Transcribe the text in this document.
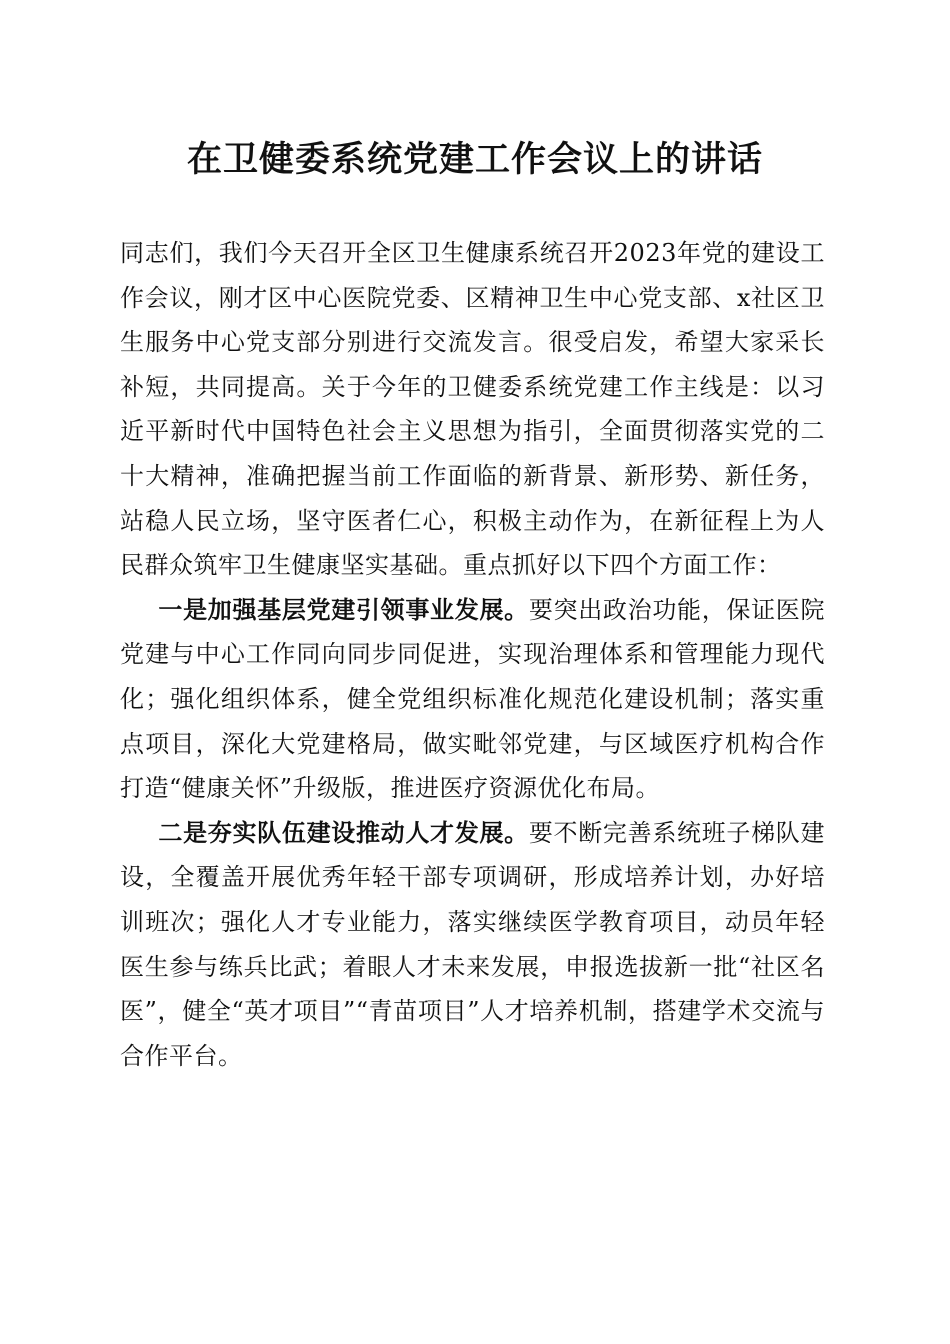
在卫健委系统党建工作会议上的讲话

同志们，我们今天召开全区卫生健康系统召开2023年党的建设工作会议，刚才区中心医院党委、区精神卫生中心党支部、x社区卫生服务中心党支部分别进行交流发言。很受启发，希望大家采长补短，共同提高。关于今年的卫健委系统党建工作主线是：以习近平新时代中国特色社会主义思想为指引，全面贯彻落实党的二十大精神，准确把握当前工作面临的新背景、新形势、新任务，站稳人民立场，坚守医者仁心，积极主动作为，在新征程上为人民群众筑牢卫生健康坚实基础。重点抓好以下四个方面工作：

一是加强基层党建引领事业发展。要突出政治功能，保证医院党建与中心工作同向同步同促进，实现治理体系和管理能力现代化；强化组织体系，健全党组织标准化规范化建设机制；落实重点项目，深化大党建格局，做实毗邻党建，与区域医疗机构合作打造“健康关怀”升级版，推进医疗资源优化布局。

二是夯实队伍建设推动人才发展。要不断完善系统班子梯队建设，全覆盖开展优秀年轻干部专项调研，形成培养计划，办好培训班次；强化人才专业能力，落实继续医学教育项目，动员年轻医生参与练兵比武；着眼人才未来发展，申报选拔新一批“社区名医”，健全“英才项目”“青苗项目”人才培养机制，搭建学术交流与合作平台。
